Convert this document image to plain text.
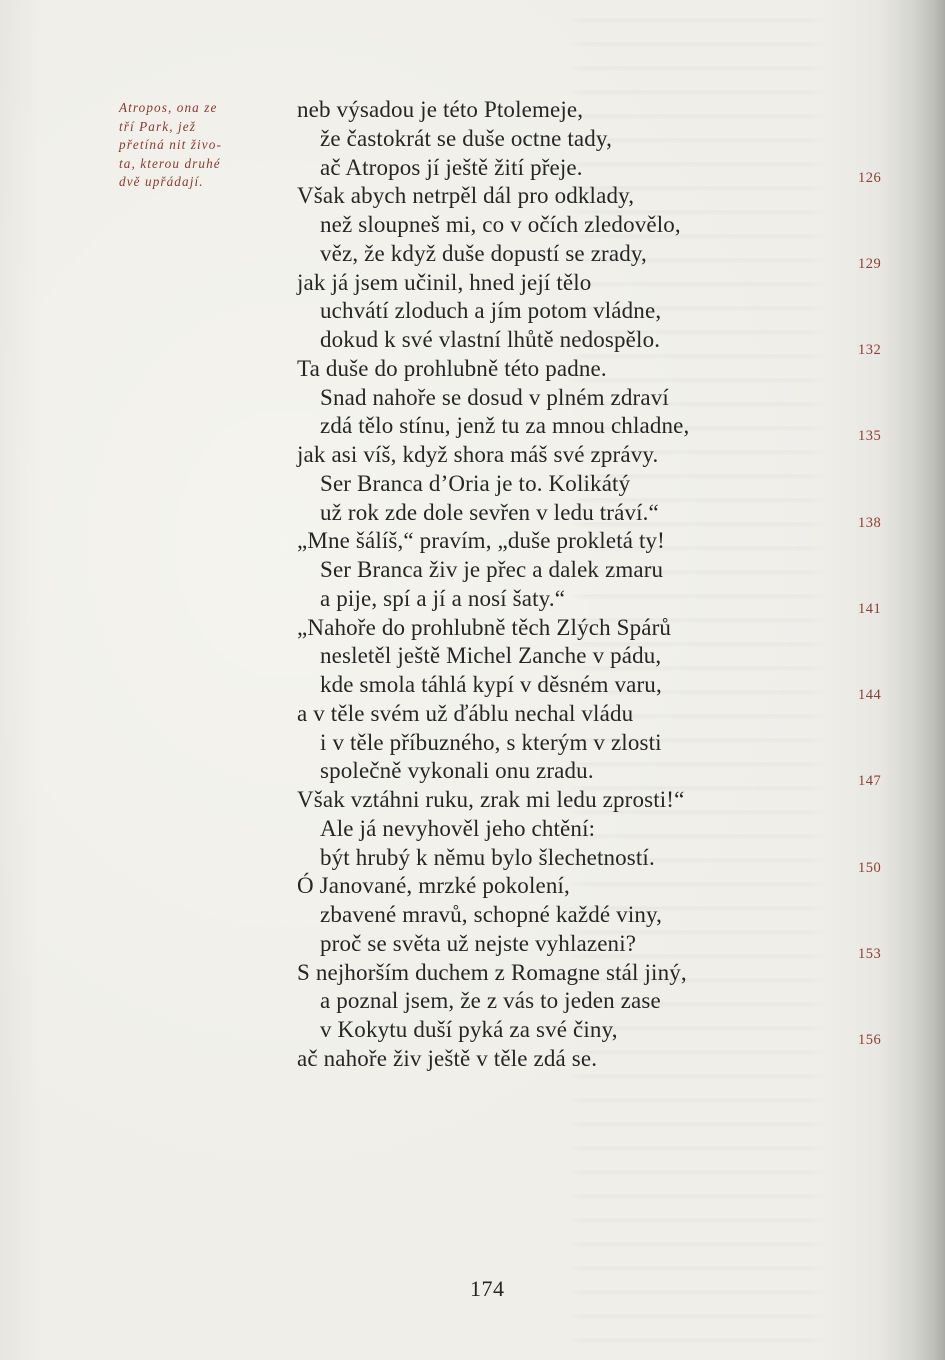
Atropos, ona ze
tří Park, jež
přetíná nit živo-
ta, kterou druhé
dvě upřádají.
neb výsadou je této Ptolemeje,
že častokrát se duše octne tady,
ač Atropos jí ještě žití přeje.
Však abych netrpěl dál pro odklady,
než sloupneš mi, co v očích zledovělo,
věz, že když duše dopustí se zrady,
jak já jsem učinil, hned její tělo
uchvátí zloduch a jím potom vládne,
dokud k své vlastní lhůtě nedospělo.
Ta duše do prohlubně této padne.
Snad nahoře se dosud v plném zdraví
zdá tělo stínu, jenž tu za mnou chladne,
jak asi víš, když shora máš své zprávy.
Ser Branca d’Oria je to. Kolikátý
už rok zde dole sevřen v ledu tráví.“
„Mne šálíš,“ pravím, „duše prokletá ty!
Ser Branca živ je přec a dalek zmaru
a pije, spí a jí a nosí šaty.“
„Nahoře do prohlubně těch Zlých Spárů
nesletěl ještě Michel Zanche v pádu,
kde smola táhlá kypí v děsném varu,
a v těle svém už ďáblu nechal vládu
i v těle příbuzného, s kterým v zlosti
společně vykonali onu zradu.
Však vztáhni ruku, zrak mi ledu zprosti!“
Ale já nevyhověl jeho chtění:
být hrubý k němu bylo šlechetností.
Ó Janované, mrzké pokolení,
zbavené mravů, schopné každé viny,
proč se světa už nejste vyhlazeni?
S nejhorším duchem z Romagne stál jiný,
a poznal jsem, že z vás to jeden zase
v Kokytu duší pyká za své činy,
ač nahoře živ ještě v těle zdá se.
126
129
132
135
138
141
144
147
150
153
156
174
